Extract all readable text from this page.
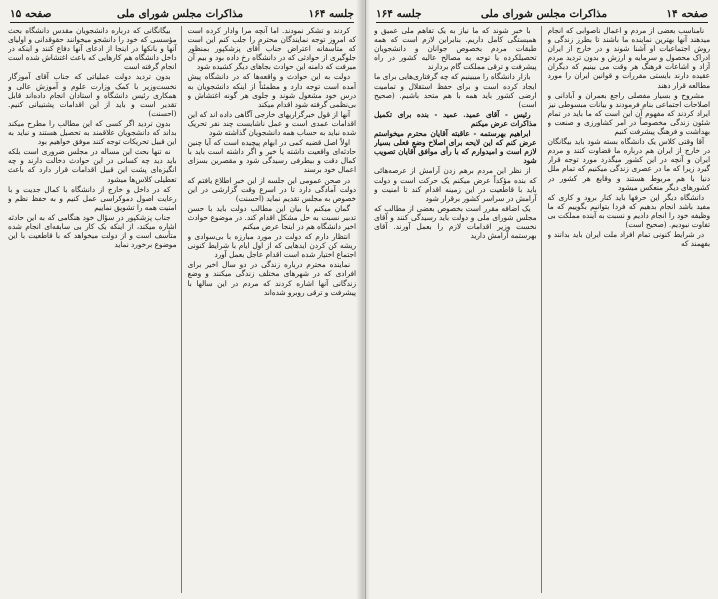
جلسه ۱۶۴
مذاکرات مجلس شورای ملی
صفحه ۱۵

کردند و تشکر نمودند. اما آنچه مرا وادار کرده است که امروز توجه نمایندگان محترم را جلب کنم این است که متأسفانه اعتراض جناب آقای پزشکپور بمنظور جلوگیری از حوادثی که در دانشگاه رخ داده بود و بیم آن میرفت که دامنه این حوادث بجاهای دیگر کشیده شود

دولت به این حوادث و واقعه‌ها که در دانشگاه پیش آمده است توجه دارد و مطمئناً از اینکه دانشجویان به درس خود مشغول شوند و جلوی هر گونه اغتشاش و بی‌نظمی گرفته شود اقدام میکند

آنها از قول خبرگزاریهای خارجی آگاهی داده اند که این اقدامات عمدی است و عمل ناشایست چند نفر تحریک شده نباید به حساب همه دانشجویان گذاشته شود

اولاً اصل قضیه کمی در ابهام پیچیده است که آیا چنین حادثه‌ای واقعیت داشته یا خیر و اگر داشته است باید با کمال دقت و بیطرفی رسیدگی شود و مقصرین بسزای اعمال خود برسند

در صحن عمومی این جلسه از این خبر اطلاع یافتم که دولت آمادگی دارد تا در اسرع وقت گزارشی در این خصوص به مجلس تقدیم نماید (احسنت)

گمان میکنم با بیان این مطالب دولت باید با حسن تدبیر نسبت به حل مشکل اقدام کند. در موضوع حوادث اخیر دانشگاه هم در اینجا عرض میکنم

انتظار دارم که دولت در مورد مبارزه با بی‌سوادی و ریشه کن کردن ایدهایی که از اول ایام با شرایط کنونی اجتماع اختیار شده است اقدام عاجل بعمل آورد

نماینده محترم درباره زندگی در دو سال اخیر برای افرادی که در شهرهای مختلف زندگی میکنند و وضع زندگانی آنها اشاره کردند که مردم در این سالها با پیشرفت و ترقی روبرو شده‌اند

بیگانگانی که درباره دانشجویان مقدس دانشگاه بحث مؤسسی که خود را دانشجو میخوانند حقوقدانی و اولیای آنها و بانکها در اینجا از ادعای آنها دفاع کنند و اینکه در داخل دانشگاه هم کارهایی که باعث اغتشاش شده است انجام گرفته است

بدون تردید دولت عملیاتی که جناب آقای آموزگار نخست‌وزیر با کمک وزارت علوم و آموزش عالی و همکاری رئیس دانشگاه و استادان انجام داده‌اند قابل تقدیر است و باید از این اقدامات پشتیبانی کنیم. (احسنت)

بدون تردید اگر کسی که این مطالب را مطرح میکند بداند که دانشجویان علاقمند به تحصیل هستند و نباید به این قبیل تحریکات توجه کنند موفق خواهیم بود

نه تنها بحث این مساله در مجلس ضروری است بلکه باید دید چه کسانی در این حوادث دخالت دارند و چه انگیزه‌ای پشت این قبیل اقدامات قرار دارد که باعث تعطیلی کلاس‌ها میشود

که در داخل و خارج از دانشگاه با کمال جدیت و با رعایت اصول دموکراسی عمل کنیم و به حفظ نظم و امنیت همه را تشویق نماییم

جناب پزشکپور در سؤال خود هنگامی که به این حادثه اشاره میکند، از اینکه یک کار بی سابقه‌ای انجام شده متأسف است و از دولت میخواهد که با قاطعیت با این موضوع برخورد نماید

صفحه ۱۴
مذاکرات مجلس شورای ملی
جلسه ۱۶۴

نامناسب بعضی از مردم و اعمال ناصوابی که انجام میدهند آنها بهترین نماینده ما باشند تا بطرز زندگی و روش اجتماعیات او آشنا شوند و در خارج از ایران ادراک محصول و سرمایه و ارزش و بدون تردید مردم آزاد و اشاعات فرهنگ هر وقت می بینیم که دیگران عقیده دارند بایستی مقررات و قوانین ایران را مورد مطالعه قرار دهند

مشروح و بسیار مفصلی راجع بعمران و آبادانی و اصلاحات اجتماعی بنام فرمودند و بیانات مبسوطی نیز ایراد کردند که مفهوم آن این است که ما باید در تمام شئون زندگی مخصوصاً در امر کشاورزی و صنعت و بهداشت و فرهنگ پیشرفت کنیم

آقا وقتی کلاس یک دانشگاه بسته شود باید بیگانگان در خارج از ایران هم درباره ما قضاوت کنند و مردم ایران و آنچه در این کشور میگذرد مورد توجه قرار گیرد زیرا که ما در عصری زندگی میکنیم که تمام ملل دنیا با هم مربوط هستند و وقایع هر کشور در کشورهای دیگر منعکس میشود

دانشگاه دیگر این حرفها باید کنار برود و کاری که مفید باشد انجام بدهیم که فردا بتوانیم بگوییم که ما وظیفه خود را انجام دادیم و نسبت به آینده مملکت بی تفاوت نبودیم. (صحیح است)

در شرایط کنونی تمام افراد ملت ایران باید بدانند و بفهمند که

با خبر شوند که ما نیاز به یک تفاهم ملی عمیق و همبستگی کامل داریم. بنابراین لازم است که همه طبقات مردم بخصوص جوانان و دانشجویان تحصیلکرده با توجه به مصالح عالیه کشور در راه پیشرفت و ترقی مملکت گام بردارند

بازار دانشگاه را میبینیم که چه گرفتاری‌هایی برای ما ایجاد کرده است و برای حفظ استقلال و تمامیت ارضی کشور باید همه با هم متحد باشیم. (صحیح است)

رئیس - آقای عمید. عمید - بنده برای تکمیل مذاکرات عرض میکنم

ابراهیم بهرستمه - عاقبته آقایان محترم میخواستم عرض کنم که این لایحه برای اصلاح وضع فعلی بسیار لازم است و امیدوارم که با رأی موافق آقایان تصویب شود

از نظر این مردم برهم زدن آرامش از عرصه‌هائی که بنده مؤکداً عرض میکنم یک حرکت است و دولت باید با قاطعیت در این زمینه اقدام کند تا امنیت و آرامش در سراسر کشور برقرار شود

یک اضافه مقرر است بخصوص بعضی از مطالب که مجلس شورای ملی و دولت باید رسیدگی کنند و آقای نخست وزیر اقدامات لازم را بعمل آورند. آقای بهرستمه آرامش دارید
